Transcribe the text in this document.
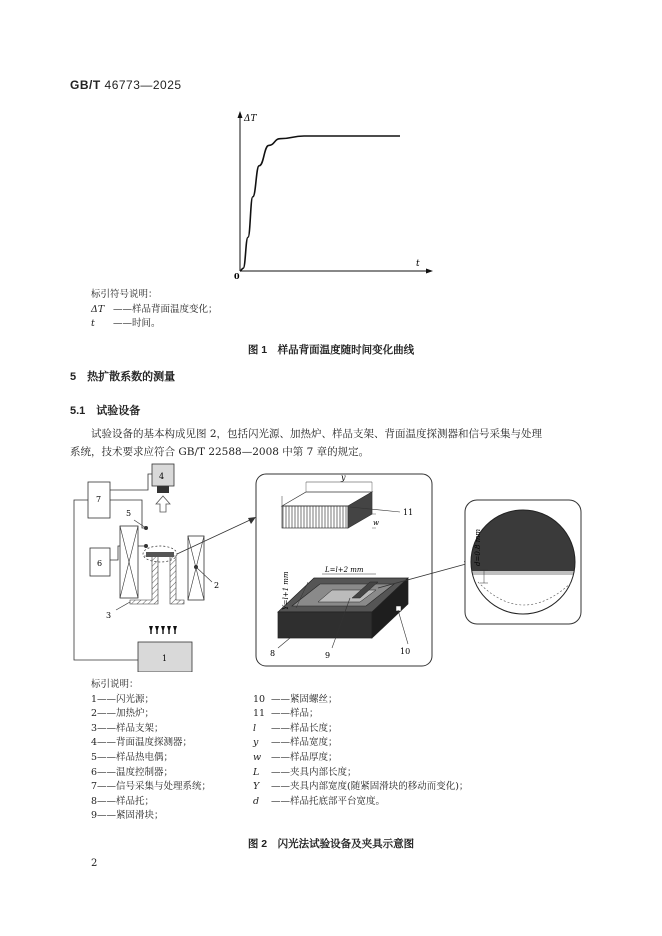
GB/T 46773—2025
ΔT
t
0
标引符号说明：
ΔT ——样品背面温度变化；
t ——时间。
图 1　样品背面温度随时间变化曲线
5　热扩散系数的测量
5.1　试验设备
试验设备的基本构成见图 2，包括闪光源、加热炉、样品支架、背面温度探测器和信号采集与处理
系统，技术要求应符合 GB/T 22588—2008 中第 7 章的规定。
4
7
6
5
2
3
1
y
w
11
L=l+2 mm
Y=l+1 mm
8	9	10
d=0.8 mm
标引说明：
1——闪光源；
2——加热炉；
3——样品支架；
4——背面温度探测器；
5——样品热电偶；
6——温度控制器；
7——信号采集与处理系统；
8——样品托；
9——紧固滑块；
10 ——紧固螺丝；
11 ——样品；
l ——样品长度；
y ——样品宽度；
w ——样品厚度；
L ——夹具内部长度；
Y ——夹具内部宽度(随紧固滑块的移动而变化)；
d ——样品托底部平台宽度。
图 2　闪光法试验设备及夹具示意图
2
